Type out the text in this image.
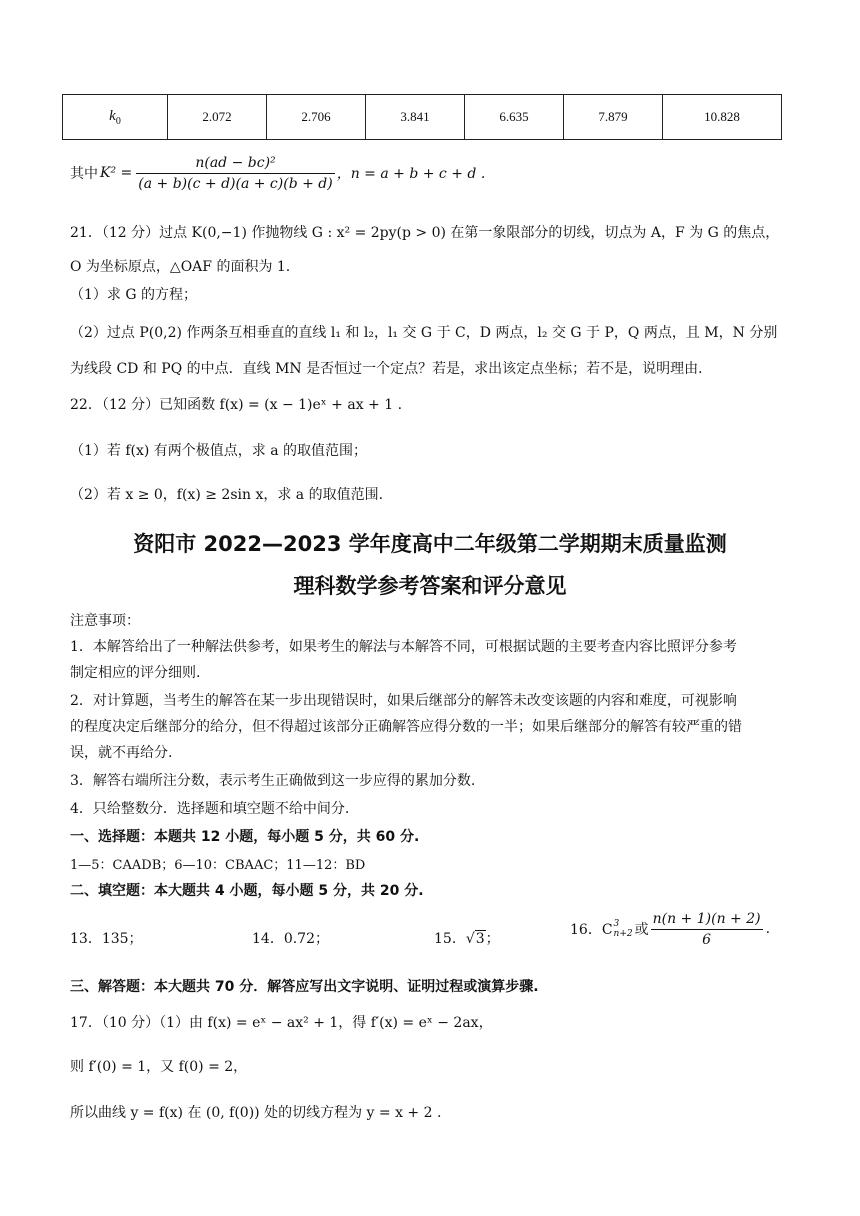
$k_0$	2.072	2.706	3.841	6.635	7.879	10.828
其中 $K^2 = \frac{\text{n(ad − bc)²}}{(a + b)(c + d)(a + c)(b + d)}$ ，n = a + b + c + d .
21．（12 分）过点 K(0,−1) 作抛物线 G : x² = 2py(p > 0) 在第一象限部分的切线，切点为 A，F 为 G 的焦点，
O 为坐标原点，△OAF 的面积为 1.
（1）求 G 的方程；
（2）过点 P(0,2) 作两条互相垂直的直线 l₁ 和 l₂，l₁ 交 G 于 C，D 两点，l₂ 交 G 于 P，Q 两点，且 M，N 分别
为线段 CD 和 PQ 的中点．直线 MN 是否恒过一个定点？若是，求出该定点坐标；若不是，说明理由．
22．（12 分）已知函数 f(x) = (x − 1)eˣ + ax + 1 .
（1）若 f(x) 有两个极值点，求 a 的取值范围；
（2）若 x ≥ 0，f(x) ≥ 2sin x，求 a 的取值范围.
资阳市 2022—2023 学年度高中二年级第二学期期末质量监测
理科数学参考答案和评分意见
注意事项：
1．本解答给出了一种解法供参考，如果考生的解法与本解答不同，可根据试题的主要考查内容比照评分参考
制定相应的评分细则.
2．对计算题，当考生的解答在某一步出现错误时，如果后继部分的解答未改变该题的内容和难度，可视影响
的程度决定后继部分的给分，但不得超过该部分正确解答应得分数的一半；如果后继部分的解答有较严重的错
误，就不再给分.
3．解答右端所注分数，表示考生正确做到这一步应得的累加分数.
4．只给整数分．选择题和填空题不给中间分.
一、选择题：本题共 12 小题，每小题 5 分，共 60 分.
1—5：CAADB；6—10：CBAAC；11—12：BD
二、填空题：本大题共 4 小题，每小题 5 分，共 20 分.
13．135；	14．0.72；	15．√3；
16．C 3
n+2 或 $\frac{n(n + 1)(n + 2)}{6}$ .
三、解答题：本大题共 70 分．解答应写出文字说明、证明过程或演算步骤.
17．（10 分）（1）由 f(x) = eˣ − ax² + 1，得 f′(x) = eˣ − 2ax，
则 f′(0) = 1，又 f(0) = 2，
所以曲线 y = f(x) 在 (0, f(0)) 处的切线方程为 y = x + 2 .
